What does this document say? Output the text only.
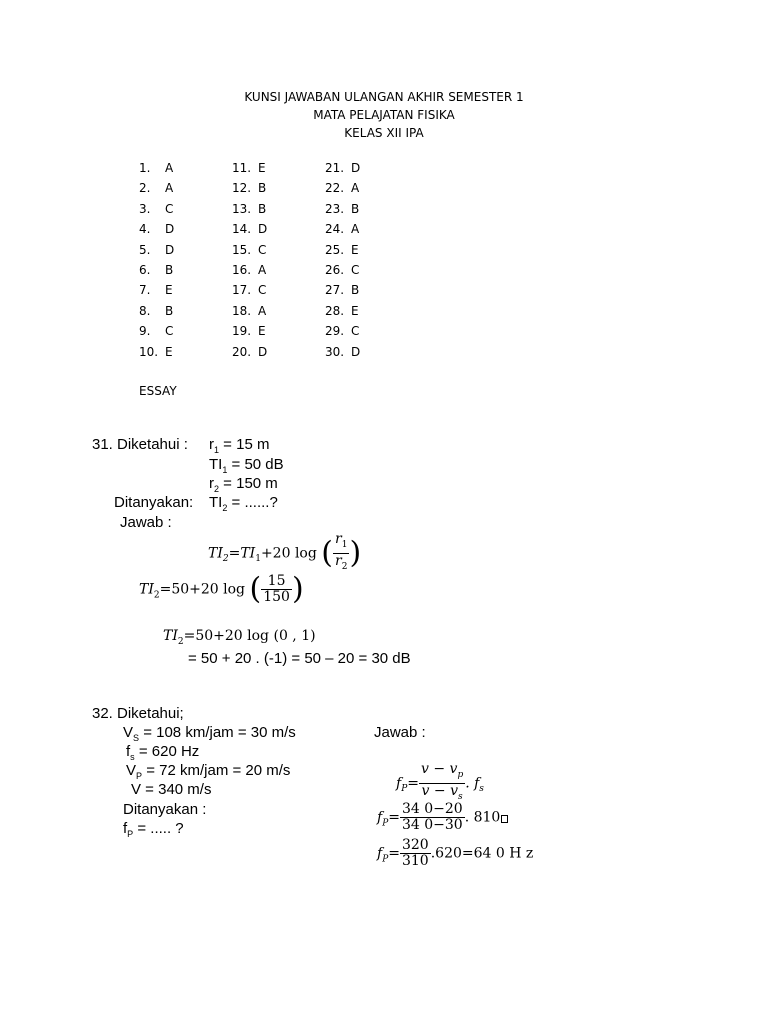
KUNSI JAWABAN ULANGAN AKHIR SEMESTER 1
MATA PELAJATAN FISIKA
KELAS XII IPA
1. A
2. A
3. C
4. D
5. D
6. B
7. E
8. B
9. C
10. E
11. E
12. B
13. B
14. D
15. C
16. A
17. C
18. A
19. E
20. D
21. D
22. A
23. B
24. A
25. E
26. C
27. B
28. E
29. C
30. D
ESSAY
31. Diketahui : $r_1 = 15$ m
$TI_1 = 50$ dB
$r_2 = 150$ m
Ditanyakan: $TI_2$ = ......?
Jawab :
$TI_2=TI_1+20$ log ( $\frac{r_1}{r_2}$ )
$TI_2=50+20$ log ( $\frac{15}{150}$ )
$TI_2=50+20$ log (0 , 1)
= 50 + 20 . (-1) = 50 – 20 = 30 dB
32. Diketahui;
$V_S = 108$ km/jam = 30 m/s
$f_s = 620$ Hz
$V_P = 72$ km/jam = 20 m/s
V = 340 m/s
Ditanyakan :
$f_P$ = ..... ?
Jawab :
$f_P= \frac{v - v_p}{v - v_s}$ . $f_s$
$f_P= \frac{34 0-20}{34 0-30}$ . 810
$f_P= \frac{320}{310} .620=64$ 0 H z
